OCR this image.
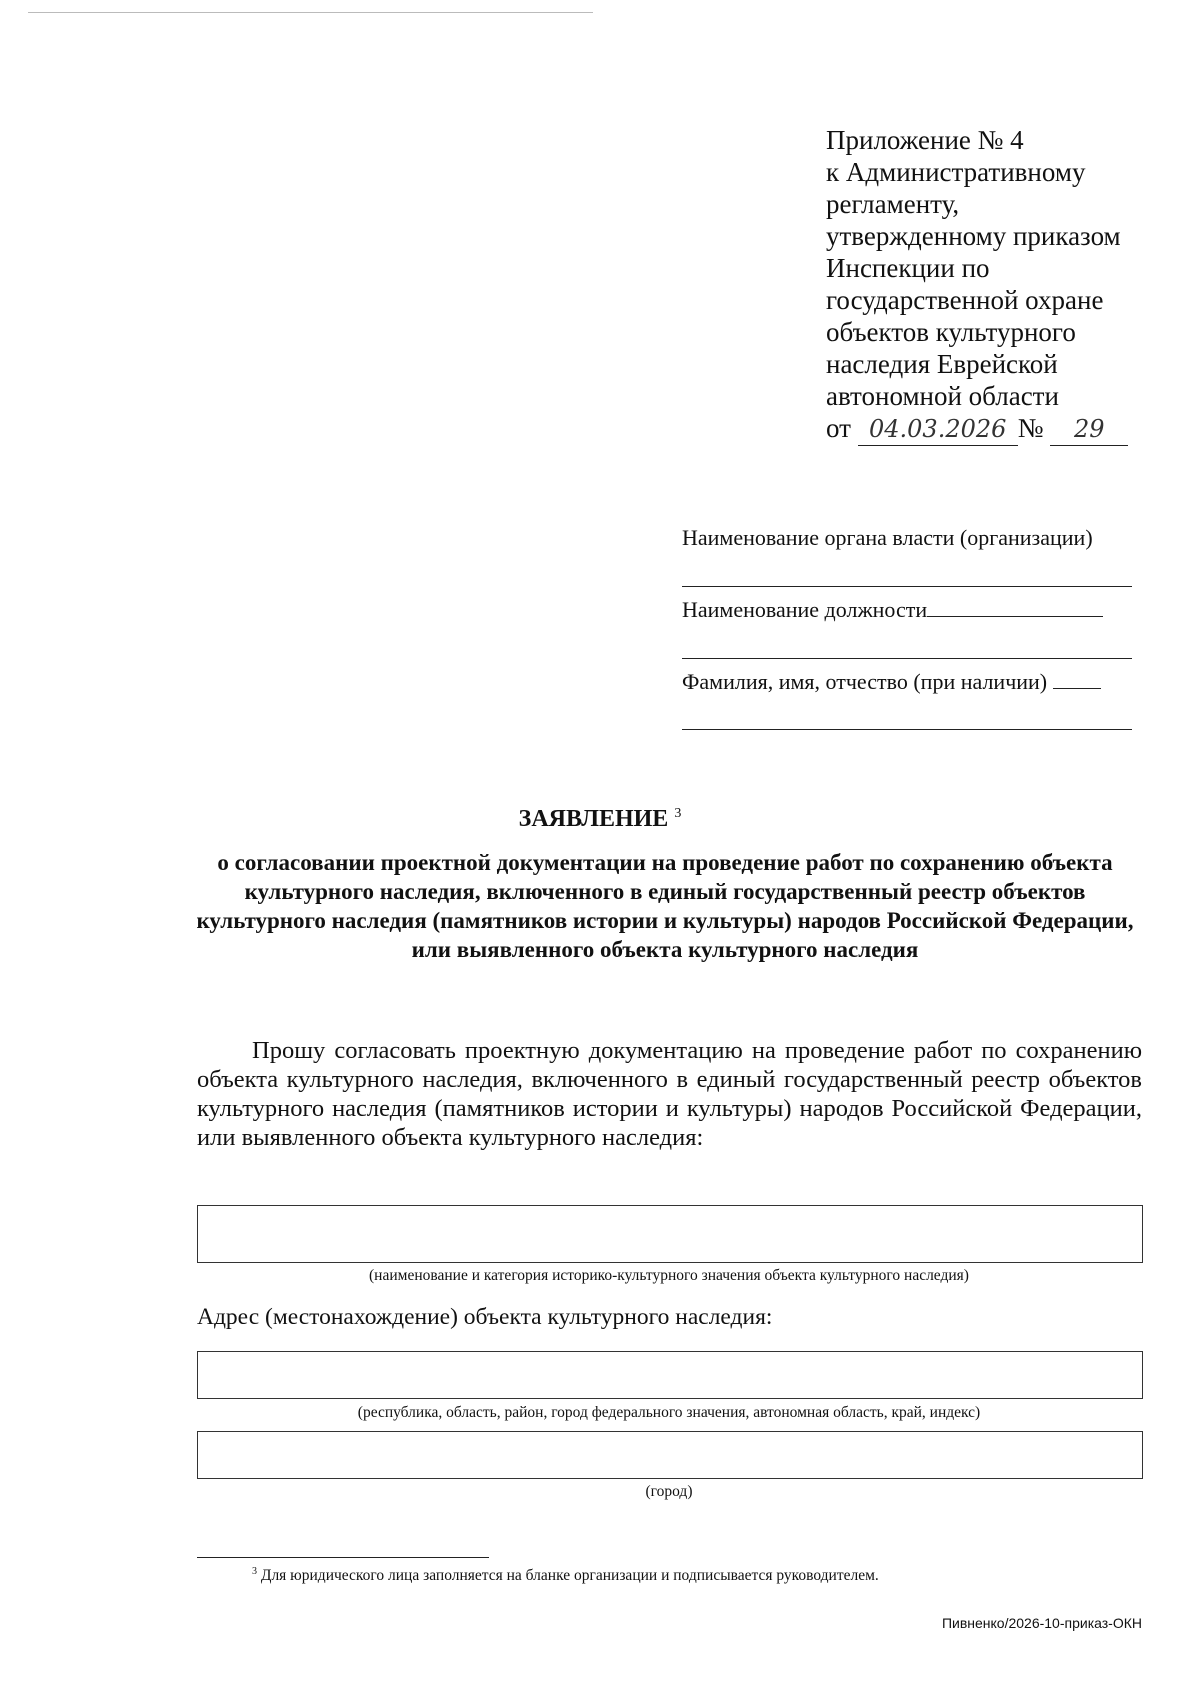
Приложение № 4
к Административному
регламенту,
утвержденному приказом
Инспекции по
государственной охране
объектов культурного
наследия Еврейской
автономной области
от 04.03.2026 № 29
Наименование органа власти (организации)
Наименование должности
Фамилия, имя, отчество (при наличии)
ЗАЯВЛЕНИЕ $^3$
о согласовании проектной документации на проведение работ по сохранению объекта культурного наследия, включенного в единый государственный реестр объектов культурного наследия (памятников истории и культуры) народов Российской Федерации, или выявленного объекта культурного наследия
Прошу согласовать проектную документацию на проведение работ по сохранению объекта культурного наследия, включенного в единый государственный реестр объектов культурного наследия (памятников истории и культуры) народов Российской Федерации, или выявленного объекта культурного наследия:
(наименование и категория историко-культурного значения объекта культурного наследия)
Адрес (местонахождение) объекта культурного наследия:
(республика, область, район, город федерального значения, автономная область, край, индекс)
(город)
$^3$ Для юридического лица заполняется на бланке организации и подписывается руководителем.
Пивненко/2026-10-приказ-ОКН
